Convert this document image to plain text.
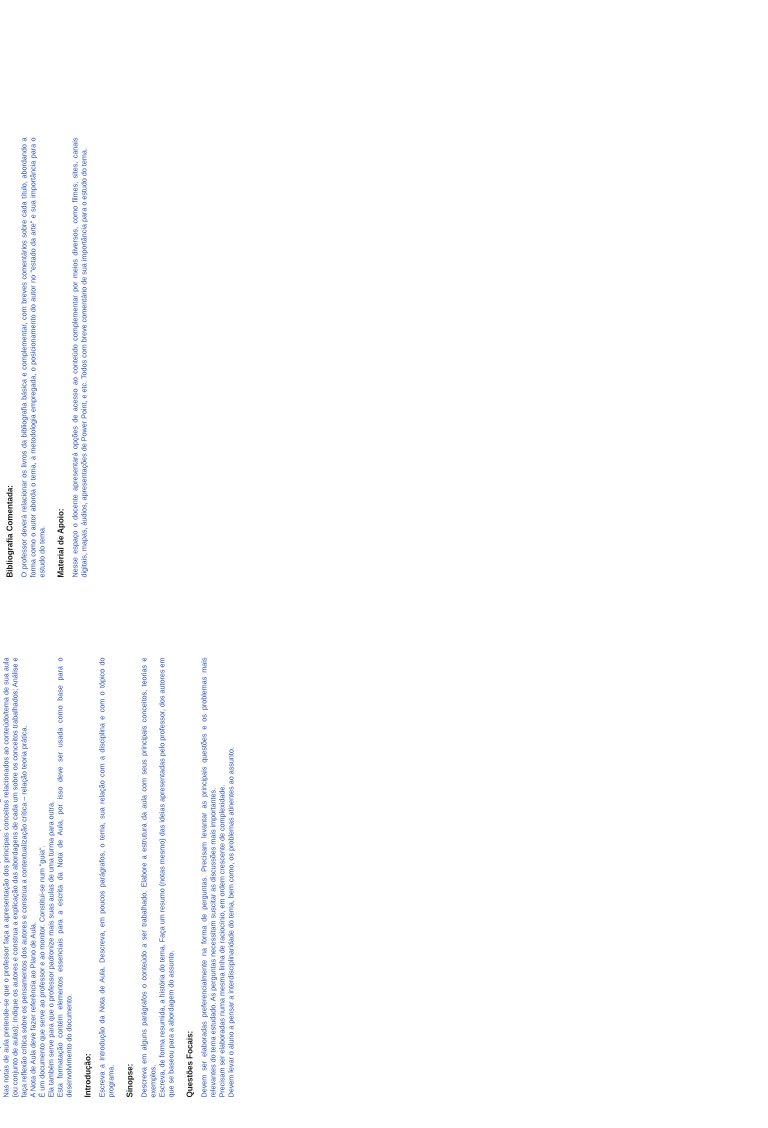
Bibliografia Comentada: O professor deverá relacionar os livros da bibliografia básica e complementar, com breves comentários sobre cada título, abordando a forma como o autor aborda o tema, a metodologia empregada, o posicionamento do autor no "estado da arte" e sua importância para o estudo do tema. Material de Apoio: Nesse espaço o docente apresentará opções de acesso ao conteúdo complementar por meios diversos, como filmes, sites, canais digitais, mapas, áudios, apresentações de Power Point, e etc. Todos com breve comentário de sua importância para o estudo do tema.

Nas notas de aula pretende-se que o professor faça a apresentação dos principais conceitos relacionados ao conteúdo/tema de sua aula (ou conjunto de aulas); Indique os autores e construa a explicação das abordagens de cada um sobre os conceitos trabalhados; Análise e faça reflexão crítica sobre os pensamentos dos autores e construa a contextualização crítica – relação teoria prática. A Nota de Aula deve fazer referência ao Plano de Aula. É um documento que serve ao professor e ao monitor. Constitui-se num "guia". Ela também serve para que o professor padronize mais suas aulas de uma turma para outra. Esta formatação contém elementos essenciais para a escrita da Nota de Aula, por isso deve ser usada como base para o desenvolvimento do documento. Introdução: Escreva a Introdução da Nota de Aula. Descreva, em poucos parágrafos, o tema, sua relação com a disciplina e com o tópico do programa. Sinopse: Descreva em alguns parágrafos o conteúdo a ser trabalhado. Elabore a estrutura da aula com seus principais conceitos, teorias e exemplos. Escreva, de forma resumida, a história do tema. Faça um resumo (notas mesmo) das ideias apresentadas pelo professor, dos autores em que se baseou para a abordagem do assunto. Questões Focais: Devem ser elaboradas preferencialmente na forma de perguntas. Precisam levantar as principais questões e os problemas mais relevantes do tema estudado. As perguntas necessitam suscitar as discussões mais importantes. Precisam ser elaboradas numa mesma linha de raciocínio, em ordem crescente de complexidade. Devem levar o aluno a pensar a interdisciplinaridade do tema, bem como, os problemas atinentes ao assunto.
